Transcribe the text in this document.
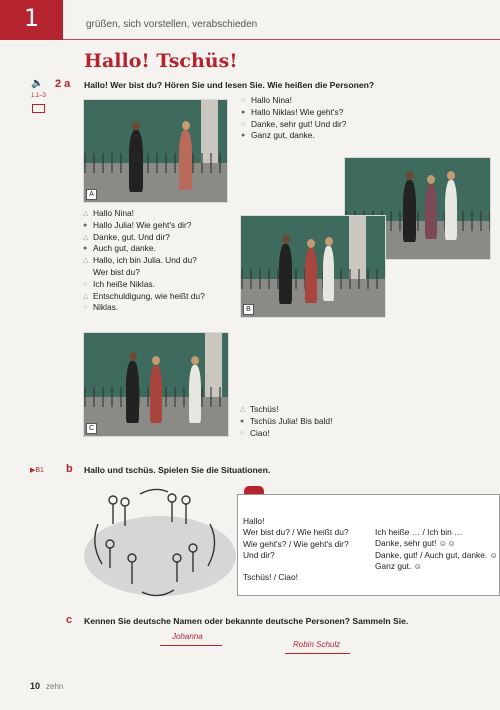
1	grüßen, sich vorstellen, verabschieden
Hallo! Tschüs!
🔈
1.1–3
2 a Hallo! Wer bist du? Hören Sie und lesen Sie. Wie heißen die Personen?
A
○ Hallo Nina!
● Hallo Niklas! Wie geht's?
○ Danke, sehr gut! Und dir?
● Ganz gut, danke.
△ Hallo Nina!
● Hallo Julia! Wie geht's dir?
△ Danke, gut. Und dir?
● Auch gut, danke.
△ Hallo, ich bin Julia. Und du?
Wer bist du?
○ Ich heiße Niklas.
△ Entschuldigung, wie heißt du?
○ Niklas.	B
C
△ Tschüs!
● Tschüs Julia! Bis bald!
○ Ciao!
▶B1 b Hallo und tschüs. Spielen Sie die Situationen.
Hallo!
Wer bist du? / Wie heißt du?
Wie geht's? / Wie geht's dir?
Und dir?
Tschüs! / Ciao!
Ich heiße … / Ich bin …
Danke, sehr gut! ☺☺
Danke, gut! / Auch gut, danke. ☺
Ganz gut. ☺
c Kennen Sie deutsche Namen oder bekannte deutsche Personen? Sammeln Sie.
Johanna
Robin Schulz
10 zehn
